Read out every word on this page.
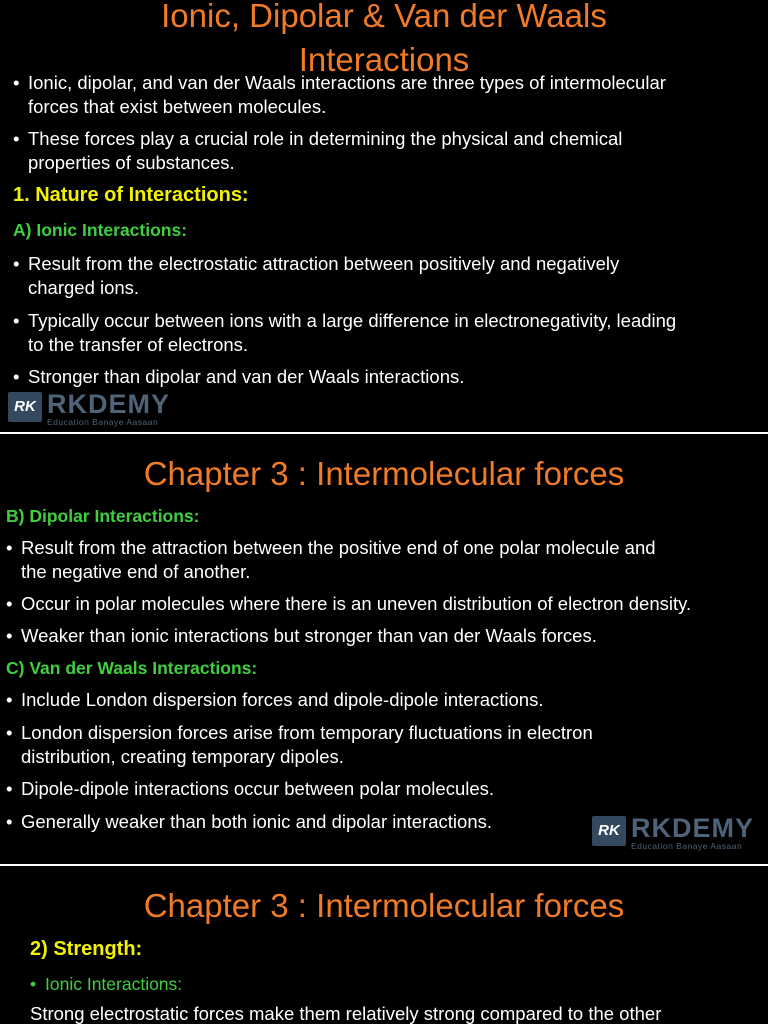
Ionic, Dipolar & Van der Waals
Interactions
• Ionic, dipolar, and van der Waals interactions are three types of intermolecular
forces that exist between molecules.
• These forces play a crucial role in determining the physical and chemical
properties of substances.
1. Nature of Interactions:
A) Ionic Interactions:
• Result from the electrostatic attraction between positively and negatively
charged ions.
• Typically occur between ions with a large difference in electronegativity, leading
to the transfer of electrons.
• Stronger than dipolar and van der Waals interactions.
RK RKDEMY
Education Banaye Aasaan
Chapter 3 : Intermolecular forces
B) Dipolar Interactions:
• Result from the attraction between the positive end of one polar molecule and
the negative end of another.
• Occur in polar molecules where there is an uneven distribution of electron density.
• Weaker than ionic interactions but stronger than van der Waals forces.
C) Van der Waals Interactions:
• Include London dispersion forces and dipole-dipole interactions.
• London dispersion forces arise from temporary fluctuations in electron
distribution, creating temporary dipoles.
• Dipole-dipole interactions occur between polar molecules.
• Generally weaker than both ionic and dipolar interactions.	RK RKDEMY
Education Banaye Aasaan
Chapter 3 : Intermolecular forces
2) Strength:
• Ionic Interactions:
Strong electrostatic forces make them relatively strong compared to the other
